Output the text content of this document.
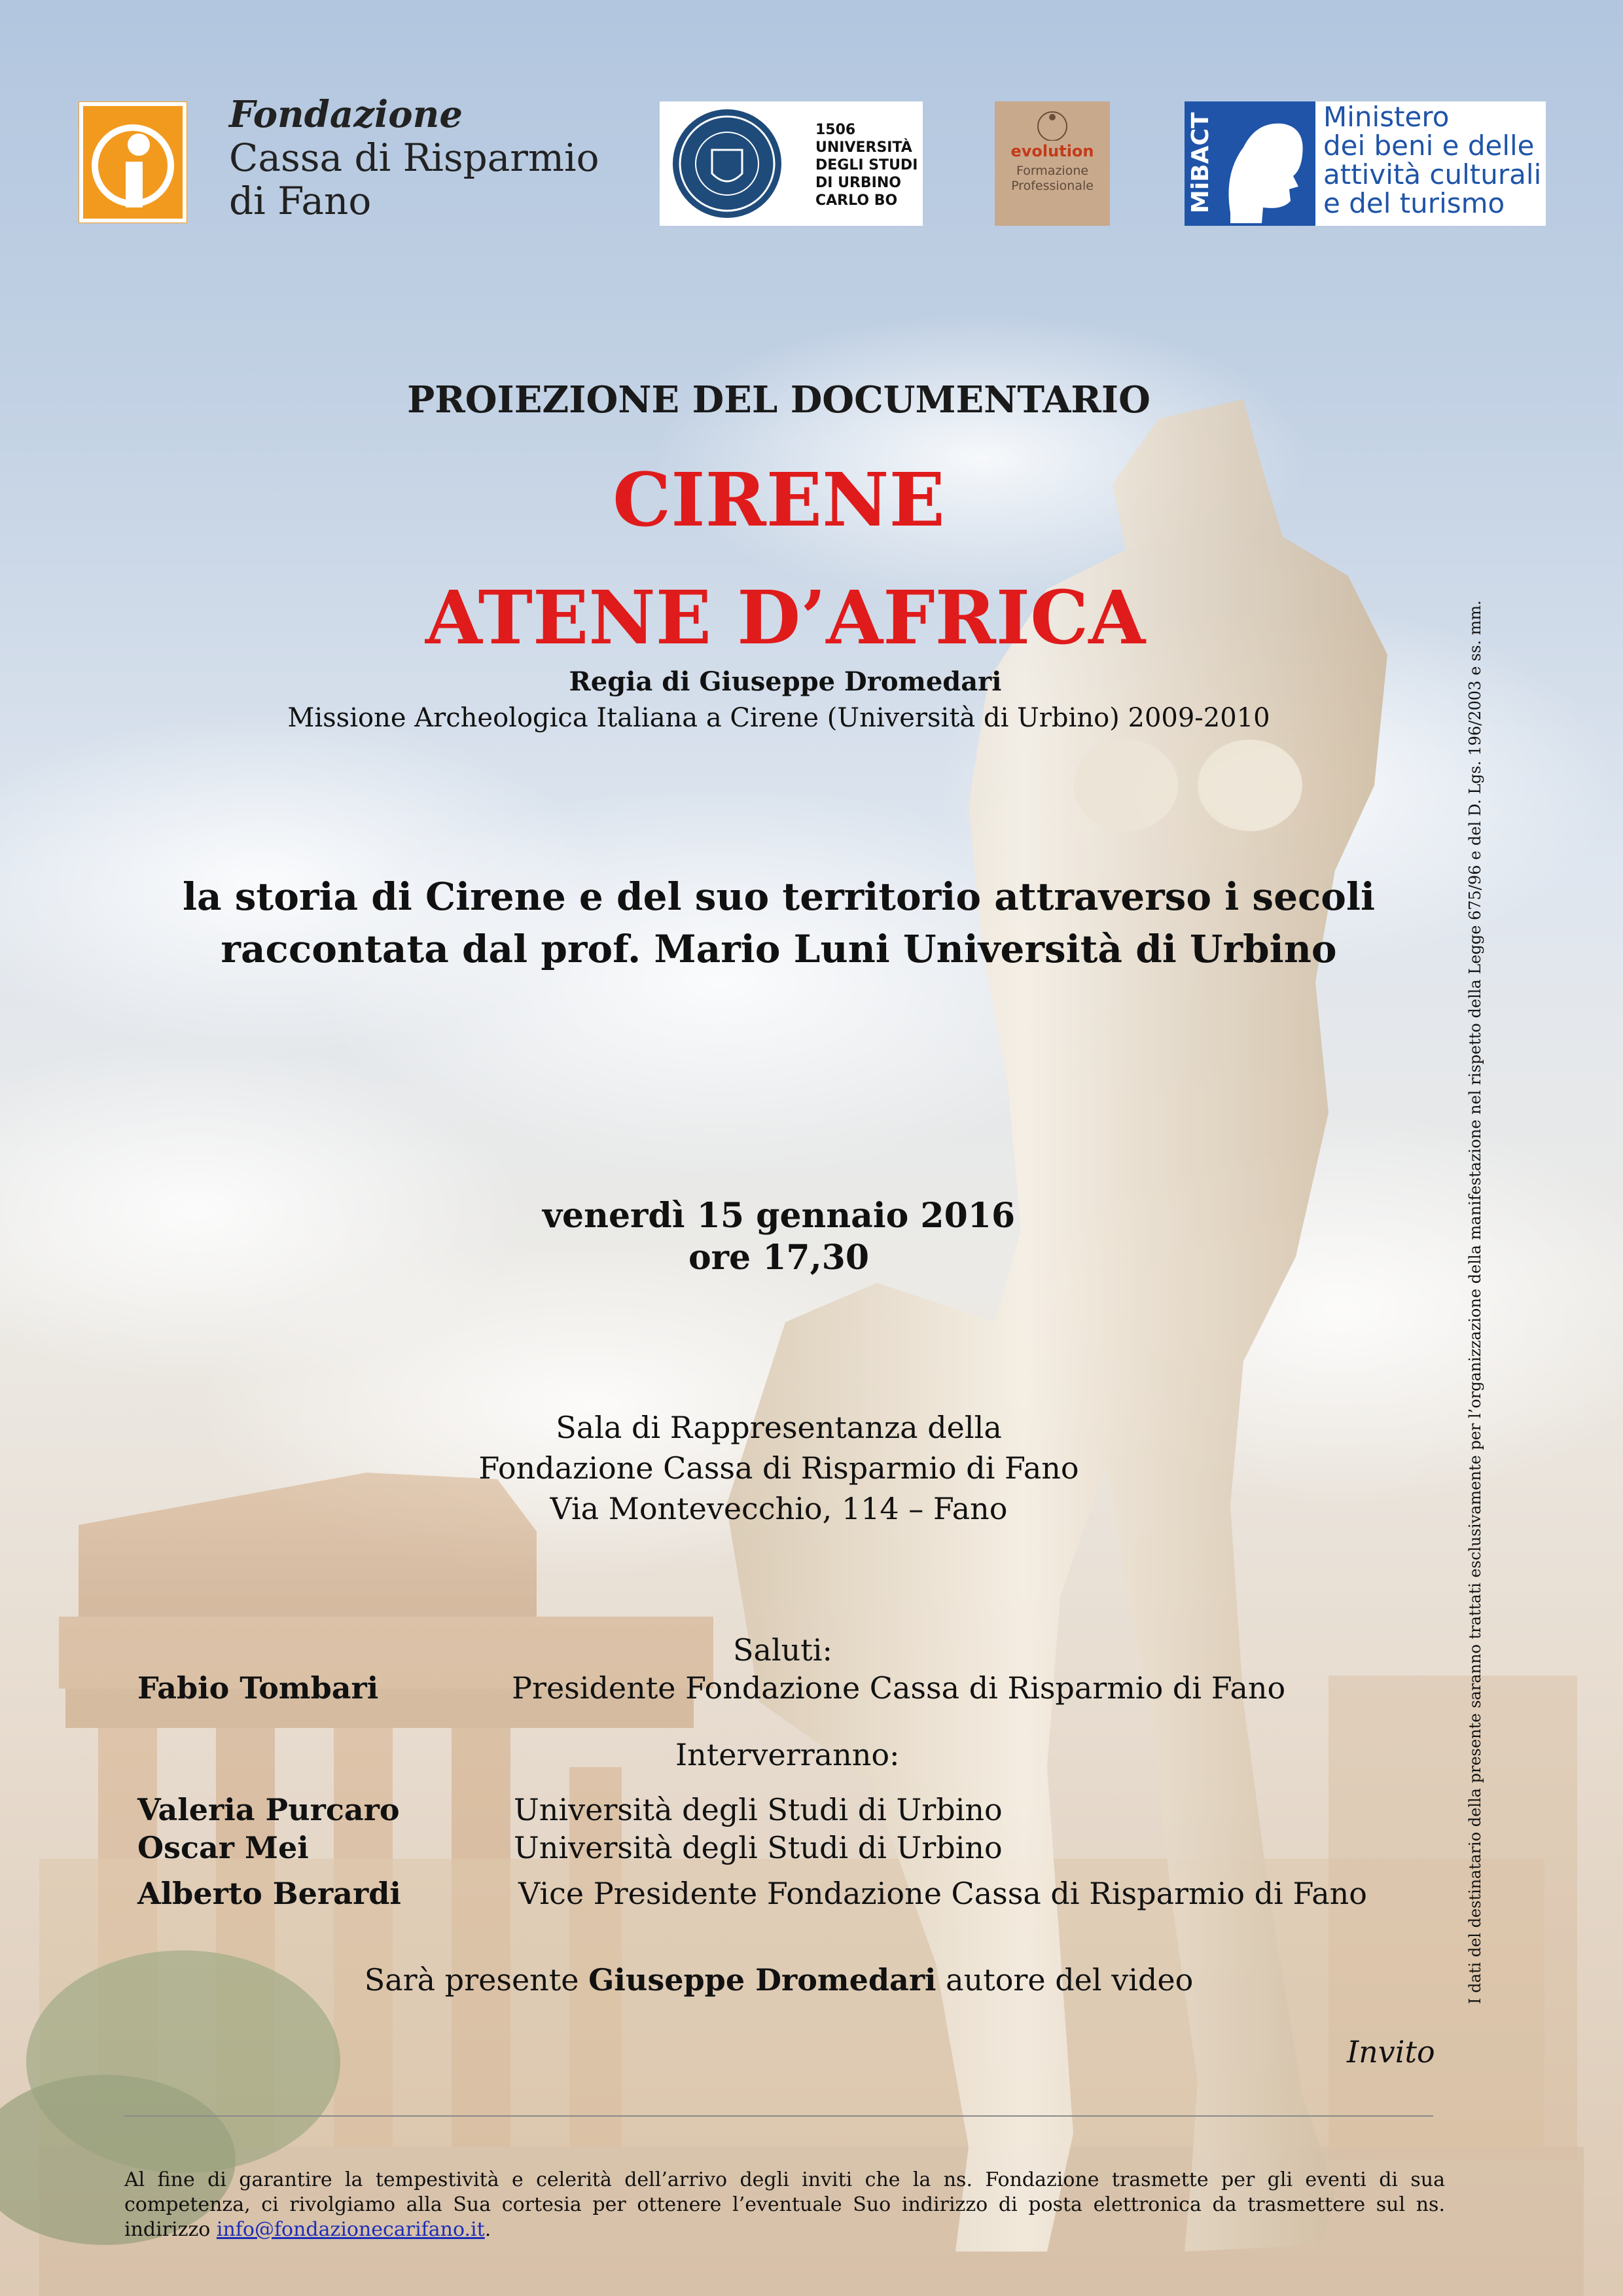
Fondazione
Cassa di Risparmio
di Fano
1506
UNIVERSITÀ
DEGLI STUDI
DI URBINO
CARLO BO
evolution
Formazione
Professionale	MiBACT	Ministero
dei beni e delle
attività culturali
e del turismo
PROIEZIONE DEL DOCUMENTARIO
CIRENE
ATENE D’AFRICA
Regia di Giuseppe Dromedari
Missione Archeologica Italiana a Cirene (Università di Urbino) 2009-2010
la storia di Cirene e del suo territorio attraverso i secoli
raccontata dal prof. Mario Luni Università di Urbino
venerdì 15 gennaio 2016
ore 17,30
Sala di Rappresentanza della
Fondazione Cassa di Risparmio di Fano
Via Montevecchio, 114 – Fano
Saluti:
Fabio Tombari	Presidente Fondazione Cassa di Risparmio di Fano
Interverranno:
Valeria Purcaro	Università degli Studi di Urbino
Oscar Mei	Università degli Studi di Urbino
Alberto Berardi	Vice Presidente Fondazione Cassa di Risparmio di Fano
Sarà presente Giuseppe Dromedari autore del video
Invito
Al fine di garantire la tempestività e celerità dell’arrivo degli inviti che la ns. Fondazione trasmette per gli eventi di sua competenza, ci rivolgiamo alla Sua cortesia per ottenere l’eventuale Suo indirizzo di posta elettronica da trasmettere sul ns. indirizzo info@fondazionecarifano.it.
I dati del destinatario della presente saranno trattati esclusivamente per l’organizzazione della manifestazione nel rispetto della Legge 675/96 e del D. Lgs. 196/2003 e ss. mm.
